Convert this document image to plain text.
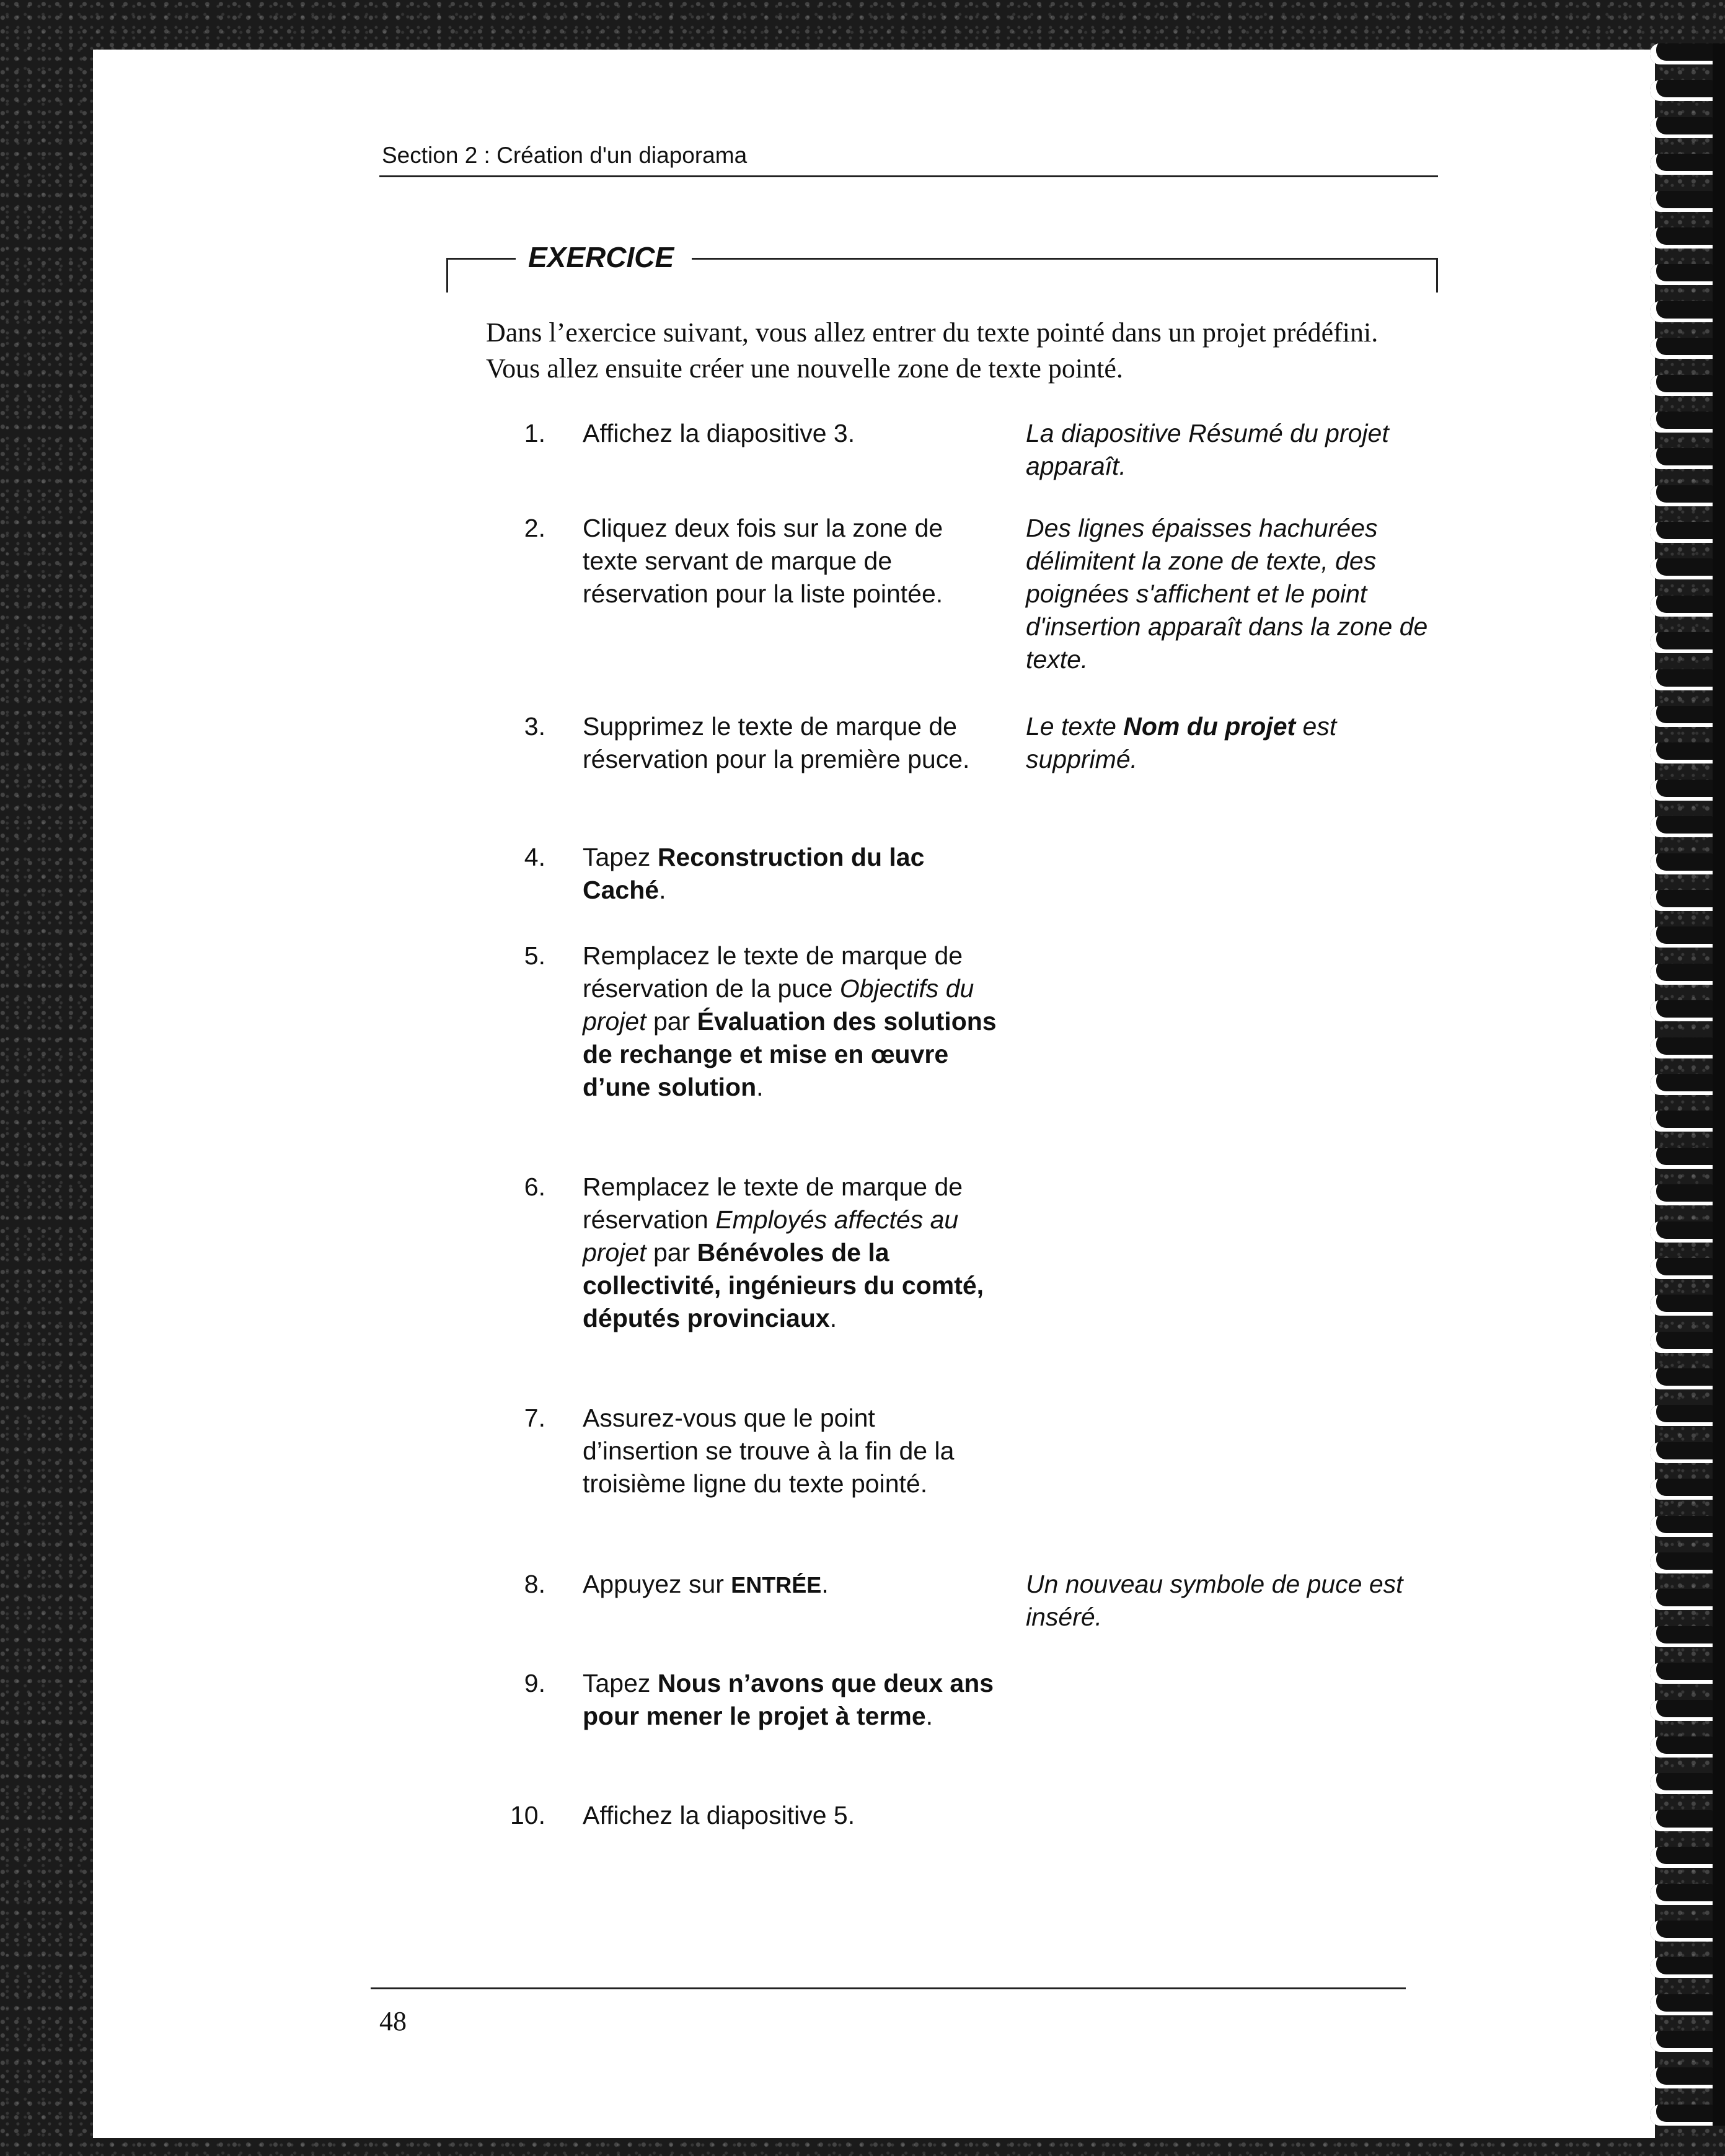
Section 2 : Création d'un diaporama
EXERCICE
Dans l’exercice suivant, vous allez entrer du texte pointé dans un projet prédéfini. Vous allez ensuite créer une nouvelle zone de texte pointé.
1. Affichez la diapositive 3.	La diapositive Résumé du projet apparaît.
2. Cliquez deux fois sur la zone de texte servant de marque de réservation pour la liste pointée.
Des lignes épaisses hachurées délimitent la zone de texte, des poignées s'affichent et le point d'insertion apparaît dans la zone de texte.
3. Supprimez le texte de marque de réservation pour la première puce.
Le texte Nom du projet est supprimé.
4. Tapez Reconstruction du lac Caché.
5. Remplacez le texte de marque de réservation de la puce Objectifs du projet par Évaluation des solutions de rechange et mise en œuvre d’une solution.
6. Remplacez le texte de marque de réservation Employés affectés au projet par Bénévoles de la collectivité, ingénieurs du comté, députés provinciaux.
7. Assurez-vous que le point d’insertion se trouve à la fin de la troisième ligne du texte pointé.
8. Appuyez sur ENTRÉE.	Un nouveau symbole de puce est inséré.
9. Tapez Nous n’avons que deux ans pour mener le projet à terme.
10. Affichez la diapositive 5.
48
